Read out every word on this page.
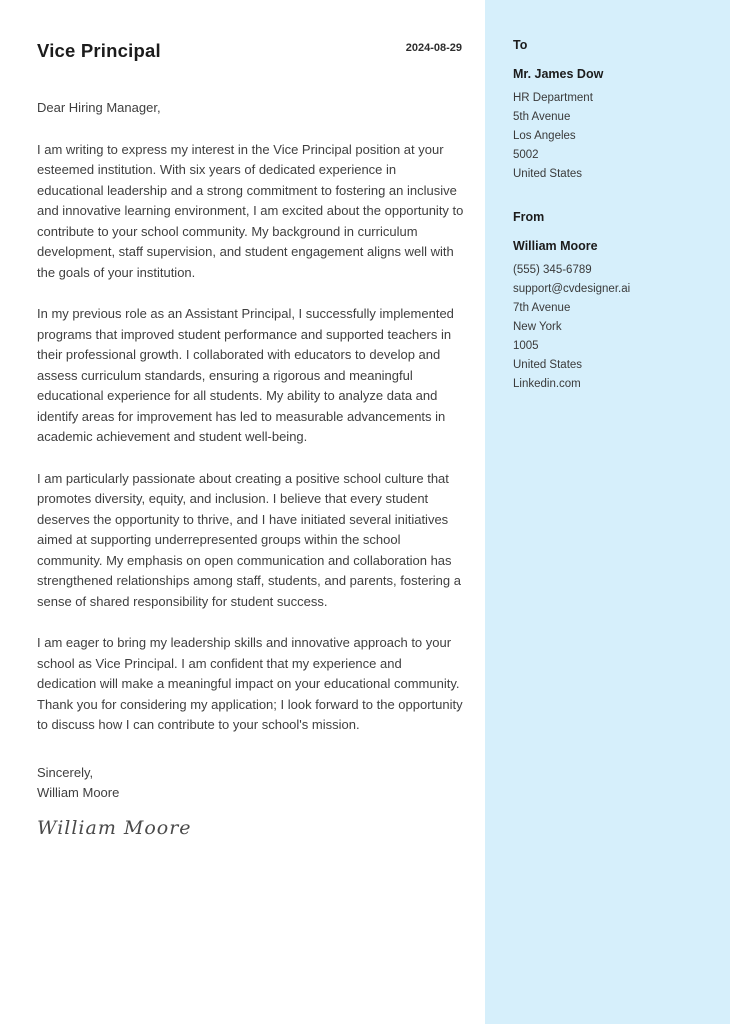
Vice Principal	2024-08-29
Dear Hiring Manager,

I am writing to express my interest in the Vice Principal position at your esteemed institution. With six years of dedicated experience in educational leadership and a strong commitment to fostering an inclusive and innovative learning environment, I am excited about the opportunity to contribute to your school community. My background in curriculum development, staff supervision, and student engagement aligns well with the goals of your institution.

In my previous role as an Assistant Principal, I successfully implemented programs that improved student performance and supported teachers in their professional growth. I collaborated with educators to develop and assess curriculum standards, ensuring a rigorous and meaningful educational experience for all students. My ability to analyze data and identify areas for improvement has led to measurable advancements in academic achievement and student well-being.

I am particularly passionate about creating a positive school culture that promotes diversity, equity, and inclusion. I believe that every student deserves the opportunity to thrive, and I have initiated several initiatives aimed at supporting underrepresented groups within the school community. My emphasis on open communication and collaboration has strengthened relationships among staff, students, and parents, fostering a sense of shared responsibility for student success.

I am eager to bring my leadership skills and innovative approach to your school as Vice Principal. I am confident that my experience and dedication will make a meaningful impact on your educational community. Thank you for considering my application; I look forward to the opportunity to discuss how I can contribute to your school's mission.

Sincerely,
William Moore
William Moore
To
Mr. James Dow
HR Department
5th Avenue
Los Angeles
5002
United States
From
William Moore
(555) 345-6789
support@cvdesigner.ai
7th Avenue
New York
1005
United States
Linkedin.com
